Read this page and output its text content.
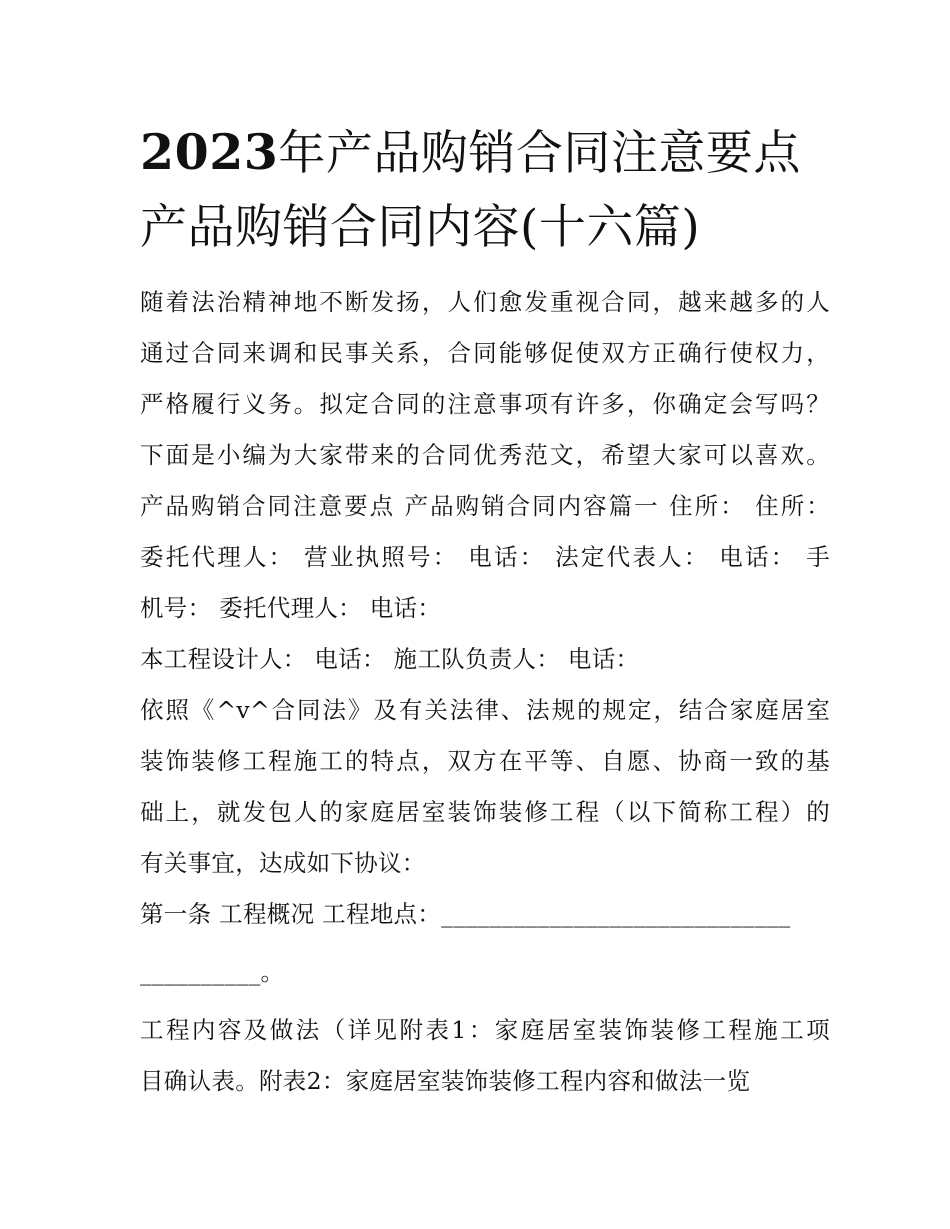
2023年产品购销合同注意要点
产品购销合同内容(十六篇)
随着法治精神地不断发扬，人们愈发重视合同，越来越多的人
通过合同来调和民事关系，合同能够促使双方正确行使权力，
严格履行义务。拟定合同的注意事项有许多，你确定会写吗？
下面是小编为大家带来的合同优秀范文，希望大家可以喜欢。
产品购销合同注意要点 产品购销合同内容篇一 住所： 住所：
委托代理人： 营业执照号： 电话： 法定代表人： 电话： 手
机号： 委托代理人： 电话：
本工程设计人： 电话： 施工队负责人： 电话：
依照《^v^合同法》及有关法律、法规的规定，结合家庭居室
装饰装修工程施工的特点，双方在平等、自愿、协商一致的基
础上，就发包人的家庭居室装饰装修工程（以下简称工程）的
有关事宜，达成如下协议：
第一条 工程概况 工程地点：_____________________________
__________。
工程内容及做法（详见附表1：家庭居室装饰装修工程施工项
目确认表。附表2：家庭居室装饰装修工程内容和做法一览
